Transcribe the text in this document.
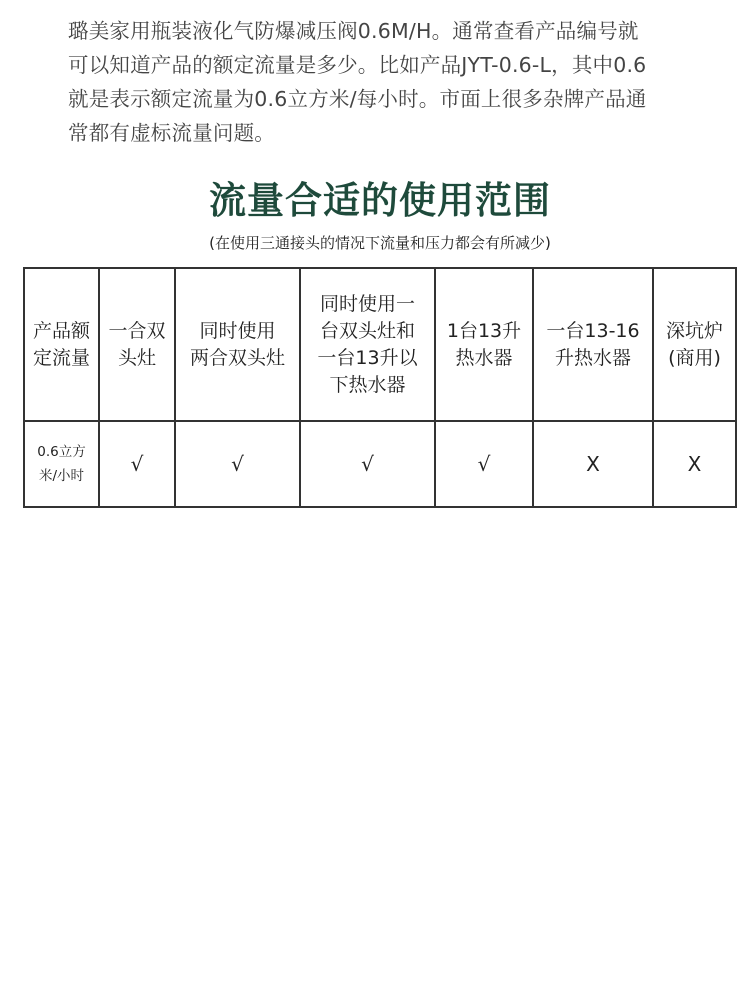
璐美家用瓶装液化气防爆减压阀0.6M/H。通常查看产品编号就
可以知道产品的额定流量是多少。比如产品JYT-0.6-L，其中0.6
就是表示额定流量为0.6立方米/每小时。市面上很多杂牌产品通
常都有虚标流量问题。

流量合适的使用范围

(在使用三通接头的情况下流量和压力都会有所减少)

产品额
定流量	一合双
头灶	同时使用
两合双头灶	同时使用一
台双头灶和
一台13升以
下热水器	1台13升
热水器	一台13-16
升热水器	深坑炉
(商用)

0.6立方
米/小时	√	√	√	√	X	X
